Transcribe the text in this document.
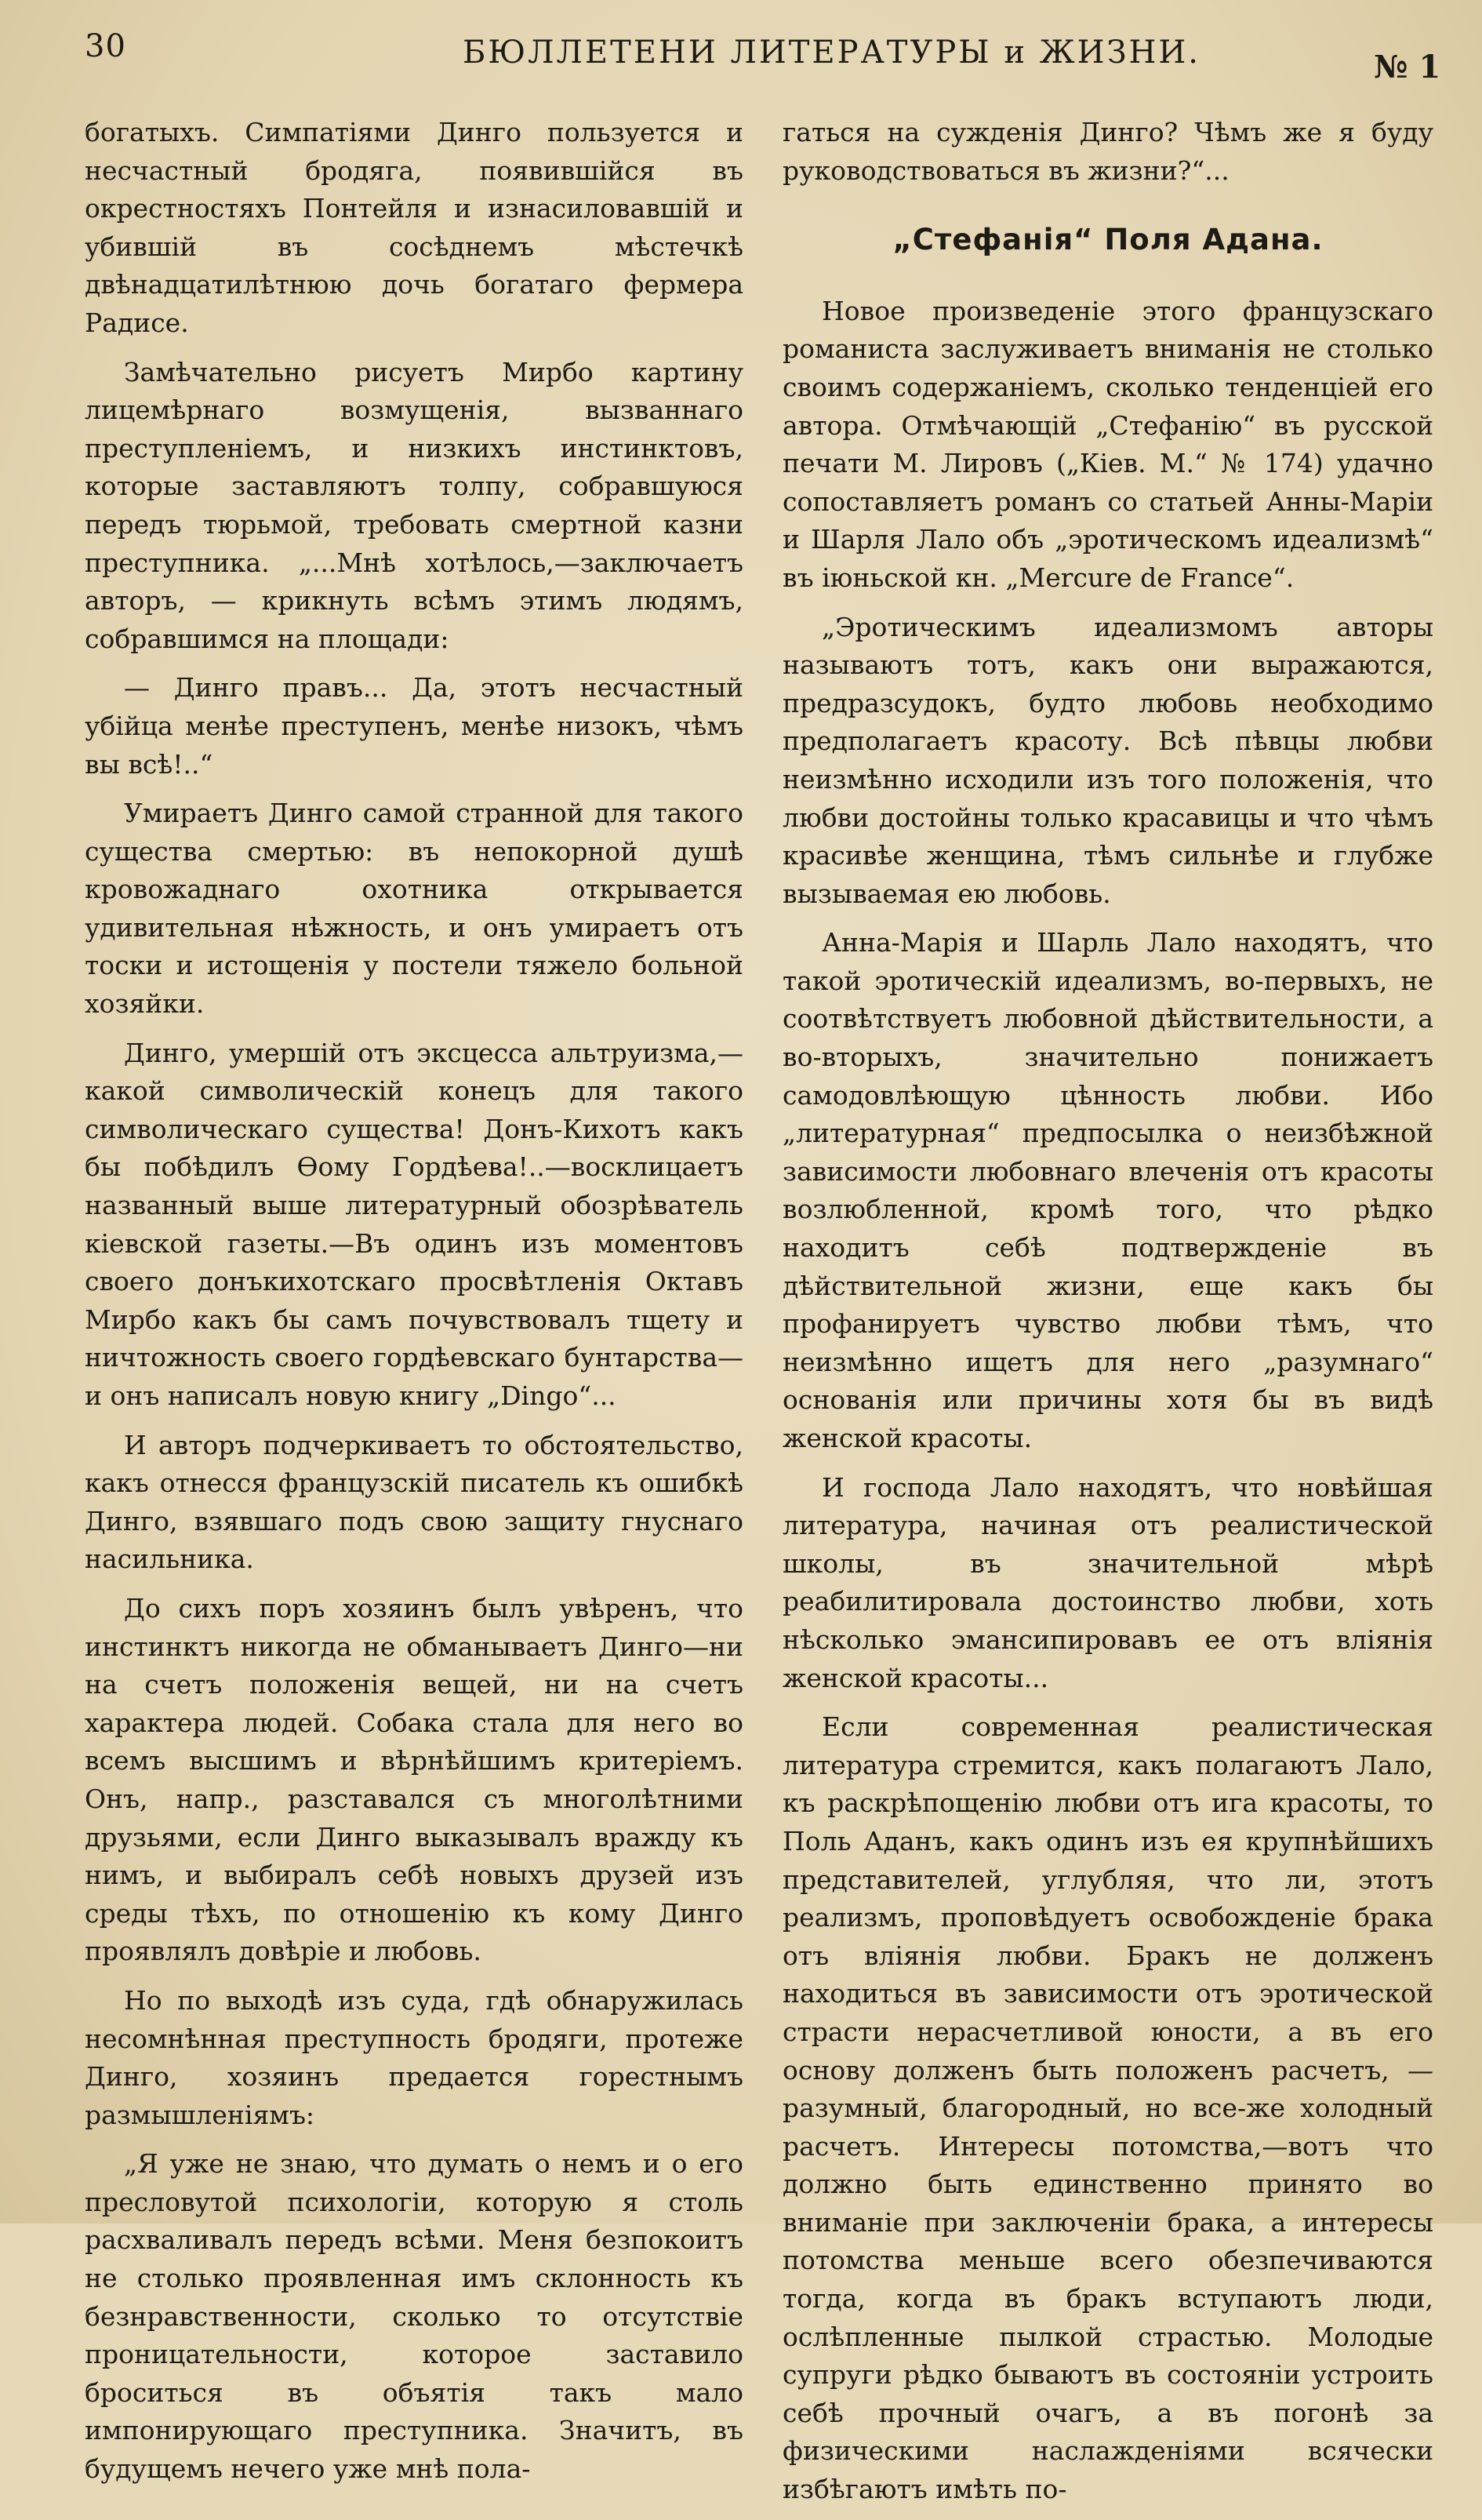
30	БЮЛЛЕТЕНИ ЛИТЕРАТУРЫ и ЖИЗНИ.	№ 1

богатыхъ. Симпатіями Динго пользуется и несчастный бродяга, появившійся въ окрестностяхъ Понтейля и изнасиловавшій и убившій въ сосѣднемъ мѣстечкѣ двѣнадцатилѣтнюю дочь богатаго фермера Радисе.

Замѣчательно рисуетъ Мирбо картину лицемѣрнаго возмущенія, вызваннаго преступленіемъ, и низкихъ инстинктовъ, которые заставляютъ толпу, собравшуюся передъ тюрьмой, требовать смертной казни преступника. „...Мнѣ хотѣлось,—заключаетъ авторъ, — крикнуть всѣмъ этимъ людямъ, собравшимся на площади:

— Динго правъ... Да, этотъ несчастный убійца менѣе преступенъ, менѣе низокъ, чѣмъ вы всѣ!..“

Умираетъ Динго самой странной для такого существа смертью: въ непокорной душѣ кровожаднаго охотника открывается удивительная нѣжность, и онъ умираетъ отъ тоски и истощенія у постели тяжело больной хозяйки.

Динго, умершій отъ эксцесса альтруизма,— какой символическій конецъ для такого символическаго существа! Донъ-Кихотъ какъ бы побѣдилъ Ѳому Гордѣева!..—восклицаетъ названный выше литературный обозрѣватель кіевской газеты.—Въ одинъ изъ моментовъ своего донъкихотскаго просвѣтленія Октавъ Мирбо какъ бы самъ почувствовалъ тщету и ничтожность своего гордѣевскаго бунтарства—и онъ написалъ новую книгу „Dingo“...

И авторъ подчеркиваетъ то обстоятельство, какъ отнесся французскій писатель къ ошибкѣ Динго, взявшаго подъ свою защиту гнуснаго насильника.

До сихъ поръ хозяинъ былъ увѣренъ, что инстинктъ никогда не обманываетъ Динго—ни на счетъ положенія вещей, ни на счетъ характера людей. Собака стала для него во всемъ высшимъ и вѣрнѣйшимъ критеріемъ. Онъ, напр., разставался съ многолѣтними друзьями, если Динго выказывалъ вражду къ нимъ, и выбиралъ себѣ новыхъ друзей изъ среды тѣхъ, по отношенію къ кому Динго проявлялъ довѣріе и любовь.

Но по выходѣ изъ суда, гдѣ обнаружилась несомнѣнная преступность бродяги, протеже Динго, хозяинъ предается горестнымъ размышленіямъ:

„Я уже не знаю, что думать о немъ и о его пресловутой психологіи, которую я столь расхваливалъ передъ всѣми. Меня безпокоитъ не столько проявленная имъ склонность къ безнравственности, сколько то отсутствіе проницательности, которое заставило броситься въ объятія такъ мало импонирующаго преступника. Значитъ, въ будущемъ нечего уже мнѣ пола-

гаться на сужденія Динго? Чѣмъ же я буду руководствоваться въ жизни?“...

„Стефанія“ Поля Адана.

Новое произведеніе этого французскаго романиста заслуживаетъ вниманія не столько своимъ содержаніемъ, сколько тенденціей его автора. Отмѣчающій „Стефанію“ въ русской печати М. Лировъ („Кіев. М.“ № 174) удачно сопоставляетъ романъ со статьей Анны-Маріи и Шарля Лало объ „эротическомъ идеализмѣ“ въ іюньской кн. „Mercure de France“.

„Эротическимъ идеализмомъ авторы называютъ тотъ, какъ они выражаются, предразсудокъ, будто любовь необходимо предполагаетъ красоту. Всѣ пѣвцы любви неизмѣнно исходили изъ того положенія, что любви достойны только красавицы и что чѣмъ красивѣе женщина, тѣмъ сильнѣе и глубже вызываемая ею любовь.

Анна-Марія и Шарль Лало находятъ, что такой эротическій идеализмъ, во-первыхъ, не соотвѣтствуетъ любовной дѣйствительности, а во-вторыхъ, значительно понижаетъ самодовлѣющую цѣнность любви. Ибо „литературная“ предпосылка о неизбѣжной зависимости любовнаго влеченія отъ красоты возлюбленной, кромѣ того, что рѣдко находитъ себѣ подтвержденіе въ дѣйствительной жизни, еще какъ бы профанируетъ чувство любви тѣмъ, что неизмѣнно ищетъ для него „разумнаго“ основанія или причины хотя бы въ видѣ женской красоты.

И господа Лало находятъ, что новѣйшая литература, начиная отъ реалистической школы, въ значительной мѣрѣ реабилитировала достоинство любви, хоть нѣсколько эмансипировавъ ее отъ вліянія женской красоты...

Если современная реалистическая литература стремится, какъ полагаютъ Лало, къ раскрѣпощенію любви отъ ига красоты, то Поль Аданъ, какъ одинъ изъ ея крупнѣйшихъ представителей, углубляя, что ли, этотъ реализмъ, проповѣдуетъ освобожденіе брака отъ вліянія любви. Бракъ не долженъ находиться въ зависимости отъ эротической страсти нерасчетливой юности, а въ его основу долженъ быть положенъ расчетъ, — разумный, благородный, но все-же холодный расчетъ. Интересы потомства,—вотъ что должно быть единственно принято во вниманіе при заключеніи брака, а интересы потомства меньше всего обезпечиваются тогда, когда въ бракъ вступаютъ люди, ослѣпленные пылкой страстью. Молодые супруги рѣдко бываютъ въ состояніи устроить себѣ прочный очагъ, а въ погонѣ за физическими наслажденіями всячески избѣгаютъ имѣть по-
